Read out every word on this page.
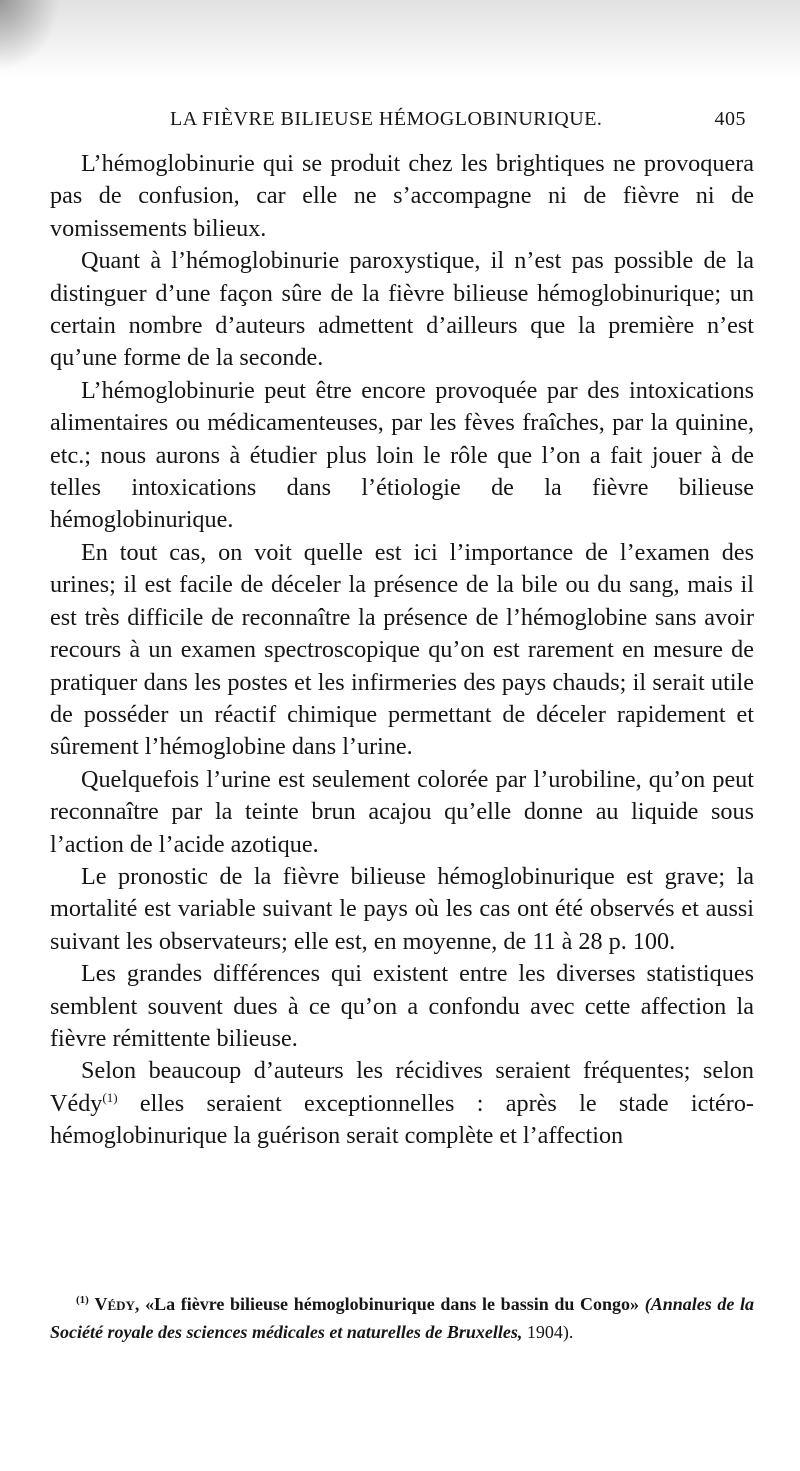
LA FIÈVRE BILIEUSE HÉMOGLOBINURIQUE.	405

L’hémoglobinurie qui se produit chez les brightiques ne provoquera pas de confusion, car elle ne s’accompagne ni de fièvre ni de vomissements bilieux.

Quant à l’hémoglobinurie paroxystique, il n’est pas possible de la distinguer d’une façon sûre de la fièvre bilieuse hémoglobinurique; un certain nombre d’auteurs admettent d’ailleurs que la première n’est qu’une forme de la seconde.

L’hémoglobinurie peut être encore provoquée par des intoxications alimentaires ou médicamenteuses, par les fèves fraîches, par la quinine, etc.; nous aurons à étudier plus loin le rôle que l’on a fait jouer à de telles intoxications dans l’étiologie de la fièvre bilieuse hémoglobinurique.

En tout cas, on voit quelle est ici l’importance de l’examen des urines; il est facile de déceler la présence de la bile ou du sang, mais il est très difficile de reconnaître la présence de l’hémoglobine sans avoir recours à un examen spectroscopique qu’on est rarement en mesure de pratiquer dans les postes et les infirmeries des pays chauds; il serait utile de posséder un réactif chimique permettant de déceler rapidement et sûrement l’hémoglobine dans l’urine.

Quelquefois l’urine est seulement colorée par l’urobiline, qu’on peut reconnaître par la teinte brun acajou qu’elle donne au liquide sous l’action de l’acide azotique.

Le pronostic de la fièvre bilieuse hémoglobinurique est grave; la mortalité est variable suivant le pays où les cas ont été observés et aussi suivant les observateurs; elle est, en moyenne, de 11 à 28 p. 100.

Les grandes différences qui existent entre les diverses statistiques semblent souvent dues à ce qu’on a confondu avec cette affection la fièvre rémittente bilieuse.

Selon beaucoup d’auteurs les récidives seraient fréquentes; selon Védy$^{(1)}$ elles seraient exceptionnelles : après le stade ictéro-hémoglobinurique la guérison serait complète et l’affection

$^{(1)}$ Védy, «La fièvre bilieuse hémoglobinurique dans le bassin du Congo» (Annales de la Société royale des sciences médicales et naturelles de Bruxelles, 1904).
